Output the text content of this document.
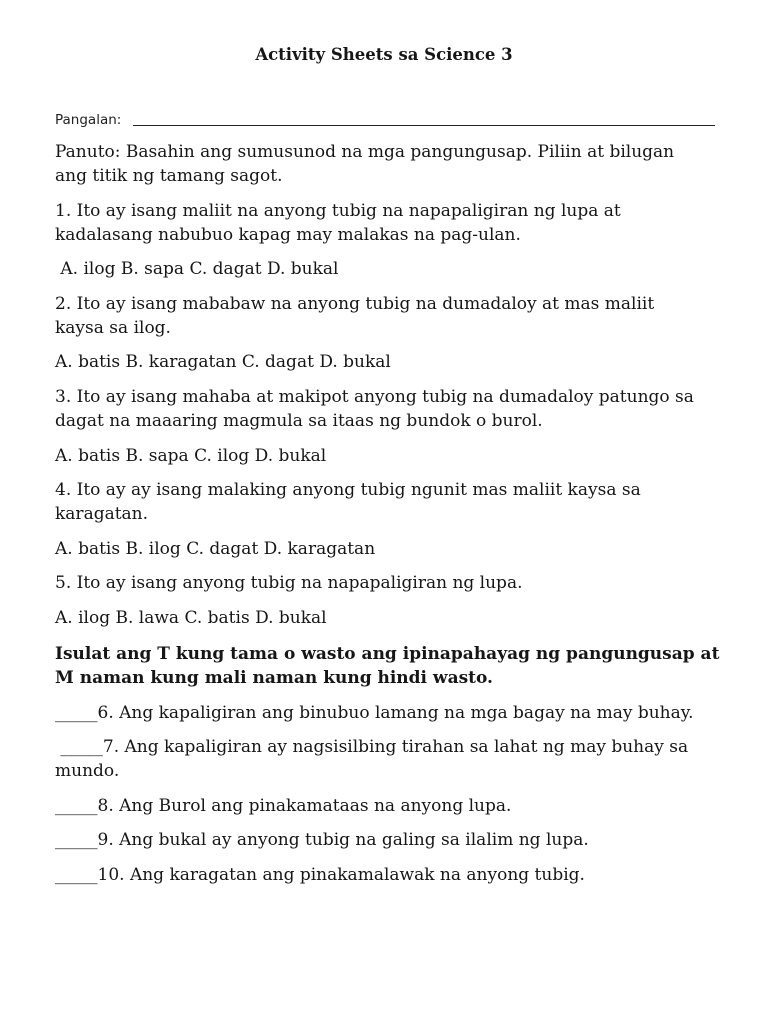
Activity Sheets sa Science 3
Pangalan:

Panuto: Basahin ang sumusunod na mga pangungusap. Piliin at bilugan
ang titik ng tamang sagot.

1. Ito ay isang maliit na anyong tubig na napapaligiran ng lupa at
kadalasang nabubuo kapag may malakas na pag-ulan.

A. ilog B. sapa C. dagat D. bukal

2. Ito ay isang mababaw na anyong tubig na dumadaloy at mas maliit
kaysa sa ilog.

A. batis B. karagatan C. dagat D. bukal

3. Ito ay isang mahaba at makipot anyong tubig na dumadaloy patungo sa
dagat na maaaring magmula sa itaas ng bundok o burol.

A. batis B. sapa C. ilog D. bukal

4. Ito ay ay isang malaking anyong tubig ngunit mas maliit kaysa sa
karagatan.

A. batis B. ilog C. dagat D. karagatan

5. Ito ay isang anyong tubig na napapaligiran ng lupa.

A. ilog B. lawa C. batis D. bukal

Isulat ang T kung tama o wasto ang ipinapahayag ng pangungusap at
M naman kung mali naman kung hindi wasto.

_____6. Ang kapaligiran ang binubuo lamang na mga bagay na may buhay.

_____7. Ang kapaligiran ay nagsisilbing tirahan sa lahat ng may buhay sa
mundo.

_____8. Ang Burol ang pinakamataas na anyong lupa.

_____9. Ang bukal ay anyong tubig na galing sa ilalim ng lupa.

_____10. Ang karagatan ang pinakamalawak na anyong tubig.
